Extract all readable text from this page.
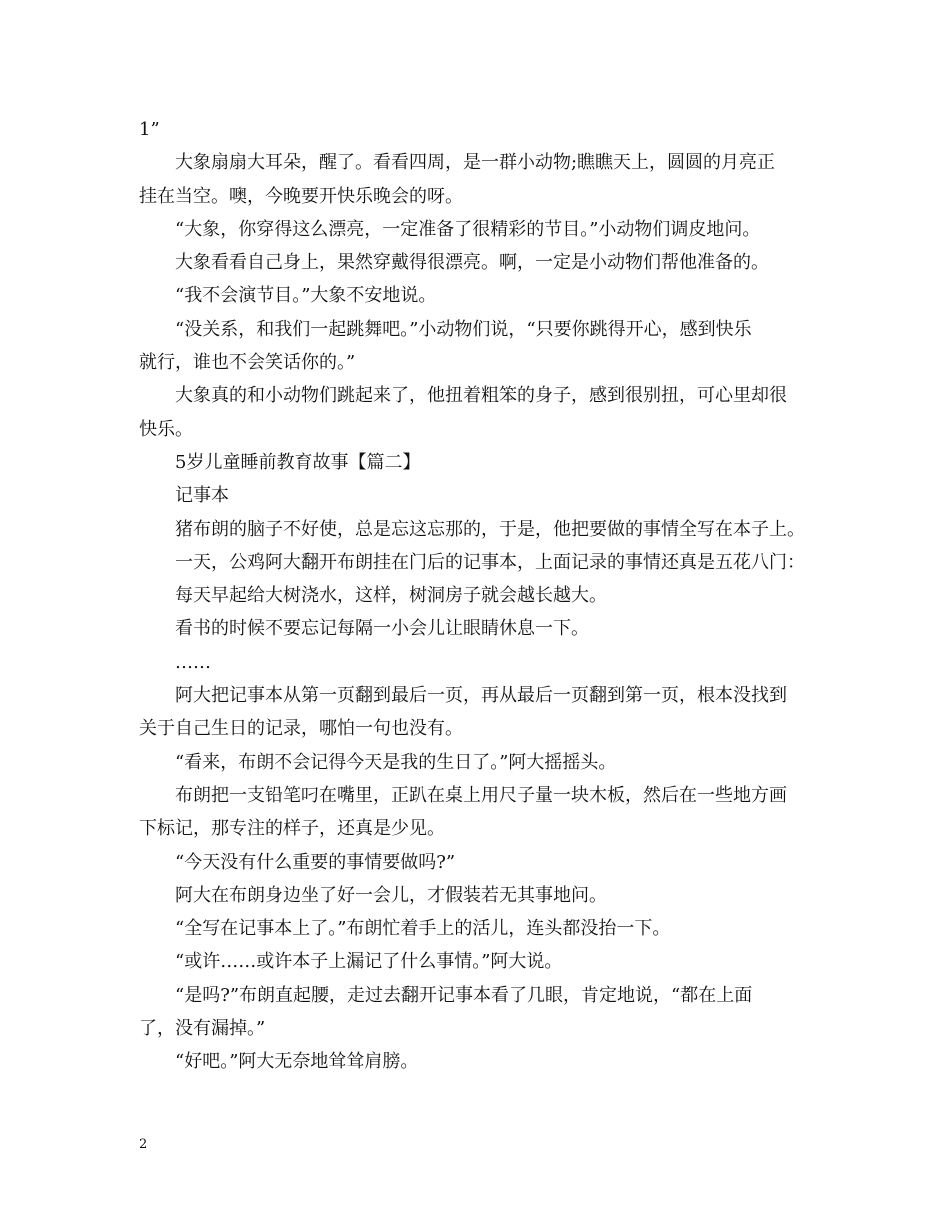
1”

大象扇扇大耳朵，醒了。看看四周，是一群小动物;瞧瞧天上，圆圆的月亮正

挂在当空。噢，今晚要开快乐晚会的呀。

“大象，你穿得这么漂亮，一定准备了很精彩的节目。”小动物们调皮地问。

大象看看自己身上，果然穿戴得很漂亮。啊，一定是小动物们帮他准备的。

“我不会演节目。”大象不安地说。

“没关系，和我们一起跳舞吧。”小动物们说，“只要你跳得开心，感到快乐

就行，谁也不会笑话你的。”

大象真的和小动物们跳起来了，他扭着粗笨的身子，感到很别扭，可心里却很

快乐。

5岁儿童睡前教育故事【篇二】

记事本

猪布朗的脑子不好使，总是忘这忘那的，于是，他把要做的事情全写在本子上。

一天，公鸡阿大翻开布朗挂在门后的记事本，上面记录的事情还真是五花八门：

每天早起给大树浇水，这样，树洞房子就会越长越大。

看书的时候不要忘记每隔一小会儿让眼睛休息一下。

……

阿大把记事本从第一页翻到最后一页，再从最后一页翻到第一页，根本没找到

关于自己生日的记录，哪怕一句也没有。

“看来，布朗不会记得今天是我的生日了。”阿大摇摇头。

布朗把一支铅笔叼在嘴里，正趴在桌上用尺子量一块木板，然后在一些地方画

下标记，那专注的样子，还真是少见。

“今天没有什么重要的事情要做吗?”

阿大在布朗身边坐了好一会儿，才假装若无其事地问。

“全写在记事本上了。”布朗忙着手上的活儿，连头都没抬一下。

“或许……或许本子上漏记了什么事情。”阿大说。

“是吗?”布朗直起腰，走过去翻开记事本看了几眼，肯定地说，“都在上面

了，没有漏掉。”

“好吧。”阿大无奈地耸耸肩膀。

2
